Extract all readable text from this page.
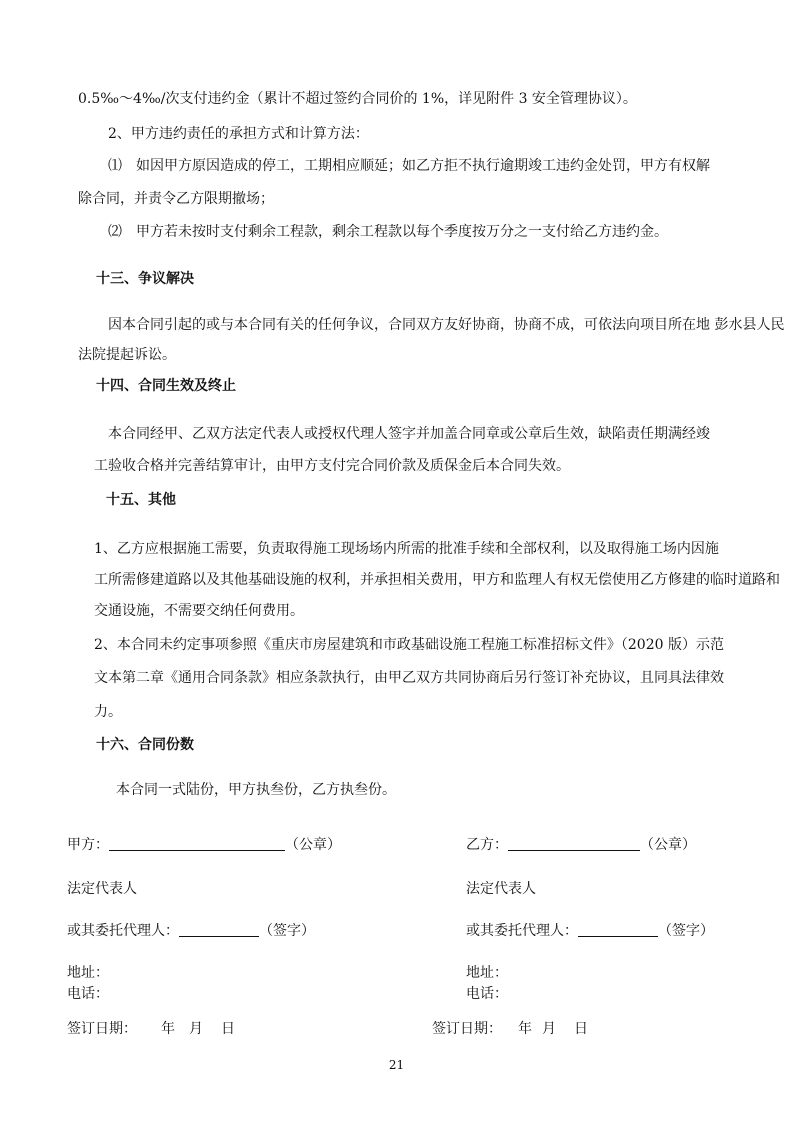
0.5‰～4‰/次支付违约金（累计不超过签约合同价的 1%，详见附件 3 安全管理协议）。
2、甲方违约责任的承担方式和计算方法：
⑴　如因甲方原因造成的停工，工期相应顺延；如乙方拒不执行逾期竣工违约金处罚，甲方有权解
除合同，并责令乙方限期撤场；
⑵　甲方若未按时支付剩余工程款，剩余工程款以每个季度按万分之一支付给乙方违约金。
十三、争议解决
因本合同引起的或与本合同有关的任何争议，合同双方友好协商，协商不成，可依法向项目所在地 彭水县人民
法院提起诉讼。
十四、合同生效及终止
本合同经甲、乙双方法定代表人或授权代理人签字并加盖合同章或公章后生效，缺陷责任期满经竣
工验收合格并完善结算审计，由甲方支付完合同价款及质保金后本合同失效。
十五、其他
1、乙方应根据施工需要，负责取得施工现场场内所需的批准手续和全部权利，以及取得施工场内因施
工所需修建道路以及其他基础设施的权利，并承担相关费用，甲方和监理人有权无偿使用乙方修建的临时道路和
交通设施，不需要交纳任何费用。
2、本合同未约定事项参照《重庆市房屋建筑和市政基础设施工程施工标准招标文件》（2020 版）示范
文本第二章《通用合同条款》相应条款执行，由甲乙双方共同协商后另行签订补充协议，且同具法律效
力。
十六、合同份数
本合同一式陆份，甲方执叁份，乙方执叁份。
甲方：	（公章）
法定代表人
或其委托代理人：	（签字）
地址：
电话：
签订日期： 年 月 日
乙方：	（公章）
法定代表人
或其委托代理人：	（签字）
地址：
电话：
签订日期： 年 月 日
21
